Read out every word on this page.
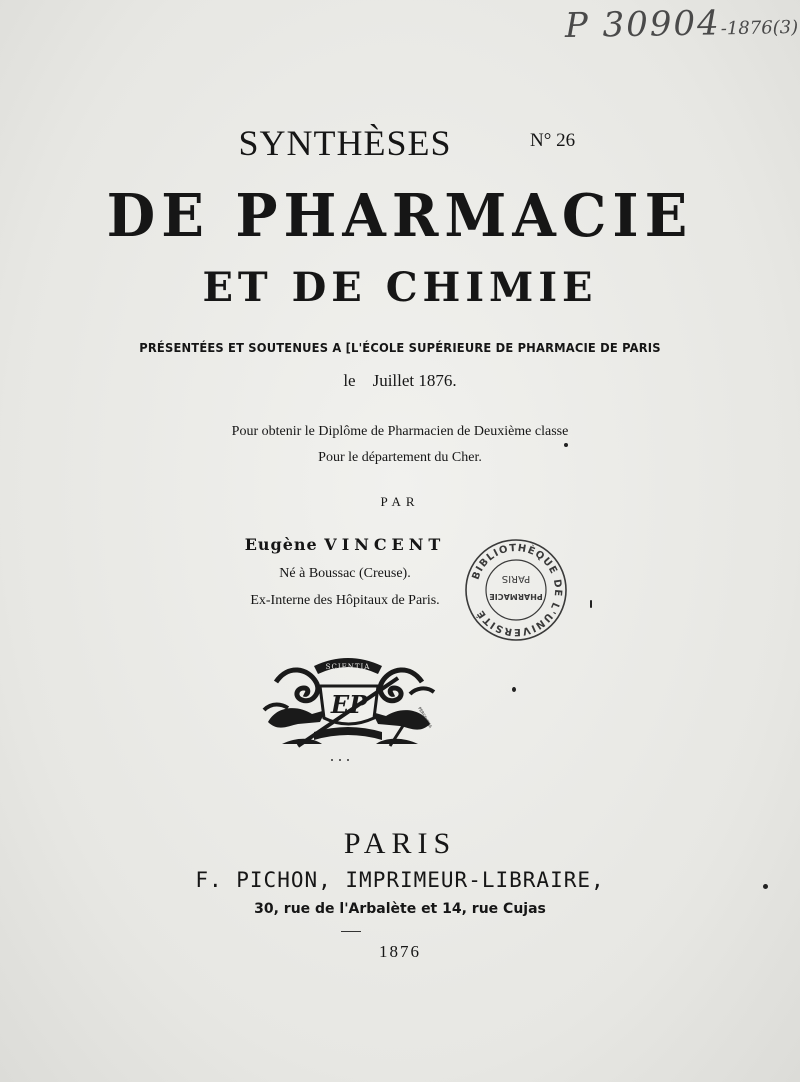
P 30904-1876(3)
SYNTHÈSES	N° 26
DE PHARMACIE
ET DE CHIMIE
PRÉSENTÉES ET SOUTENUES A [L'ÉCOLE SUPÉRIEURE DE PHARMACIE DE PARIS
le    Juillet 1876.
Pour obtenir le Diplôme de Pharmacien de Deuxième classe
Pour le département du Cher.
PAR
Eugène VINCENT
Né à Boussac (Creuse).
Ex-Interne des Hôpitaux de Paris.
BIBLIOTHÈQUE DE L'UNIVERSITÉ
PARIS
PHARMACIE
SCIENTIA
EP	PERSEVERA
PARIS
F. PICHON, IMPRIMEUR-LIBRAIRE,
30, rue de l'Arbalète et 14, rue Cujas
1876
